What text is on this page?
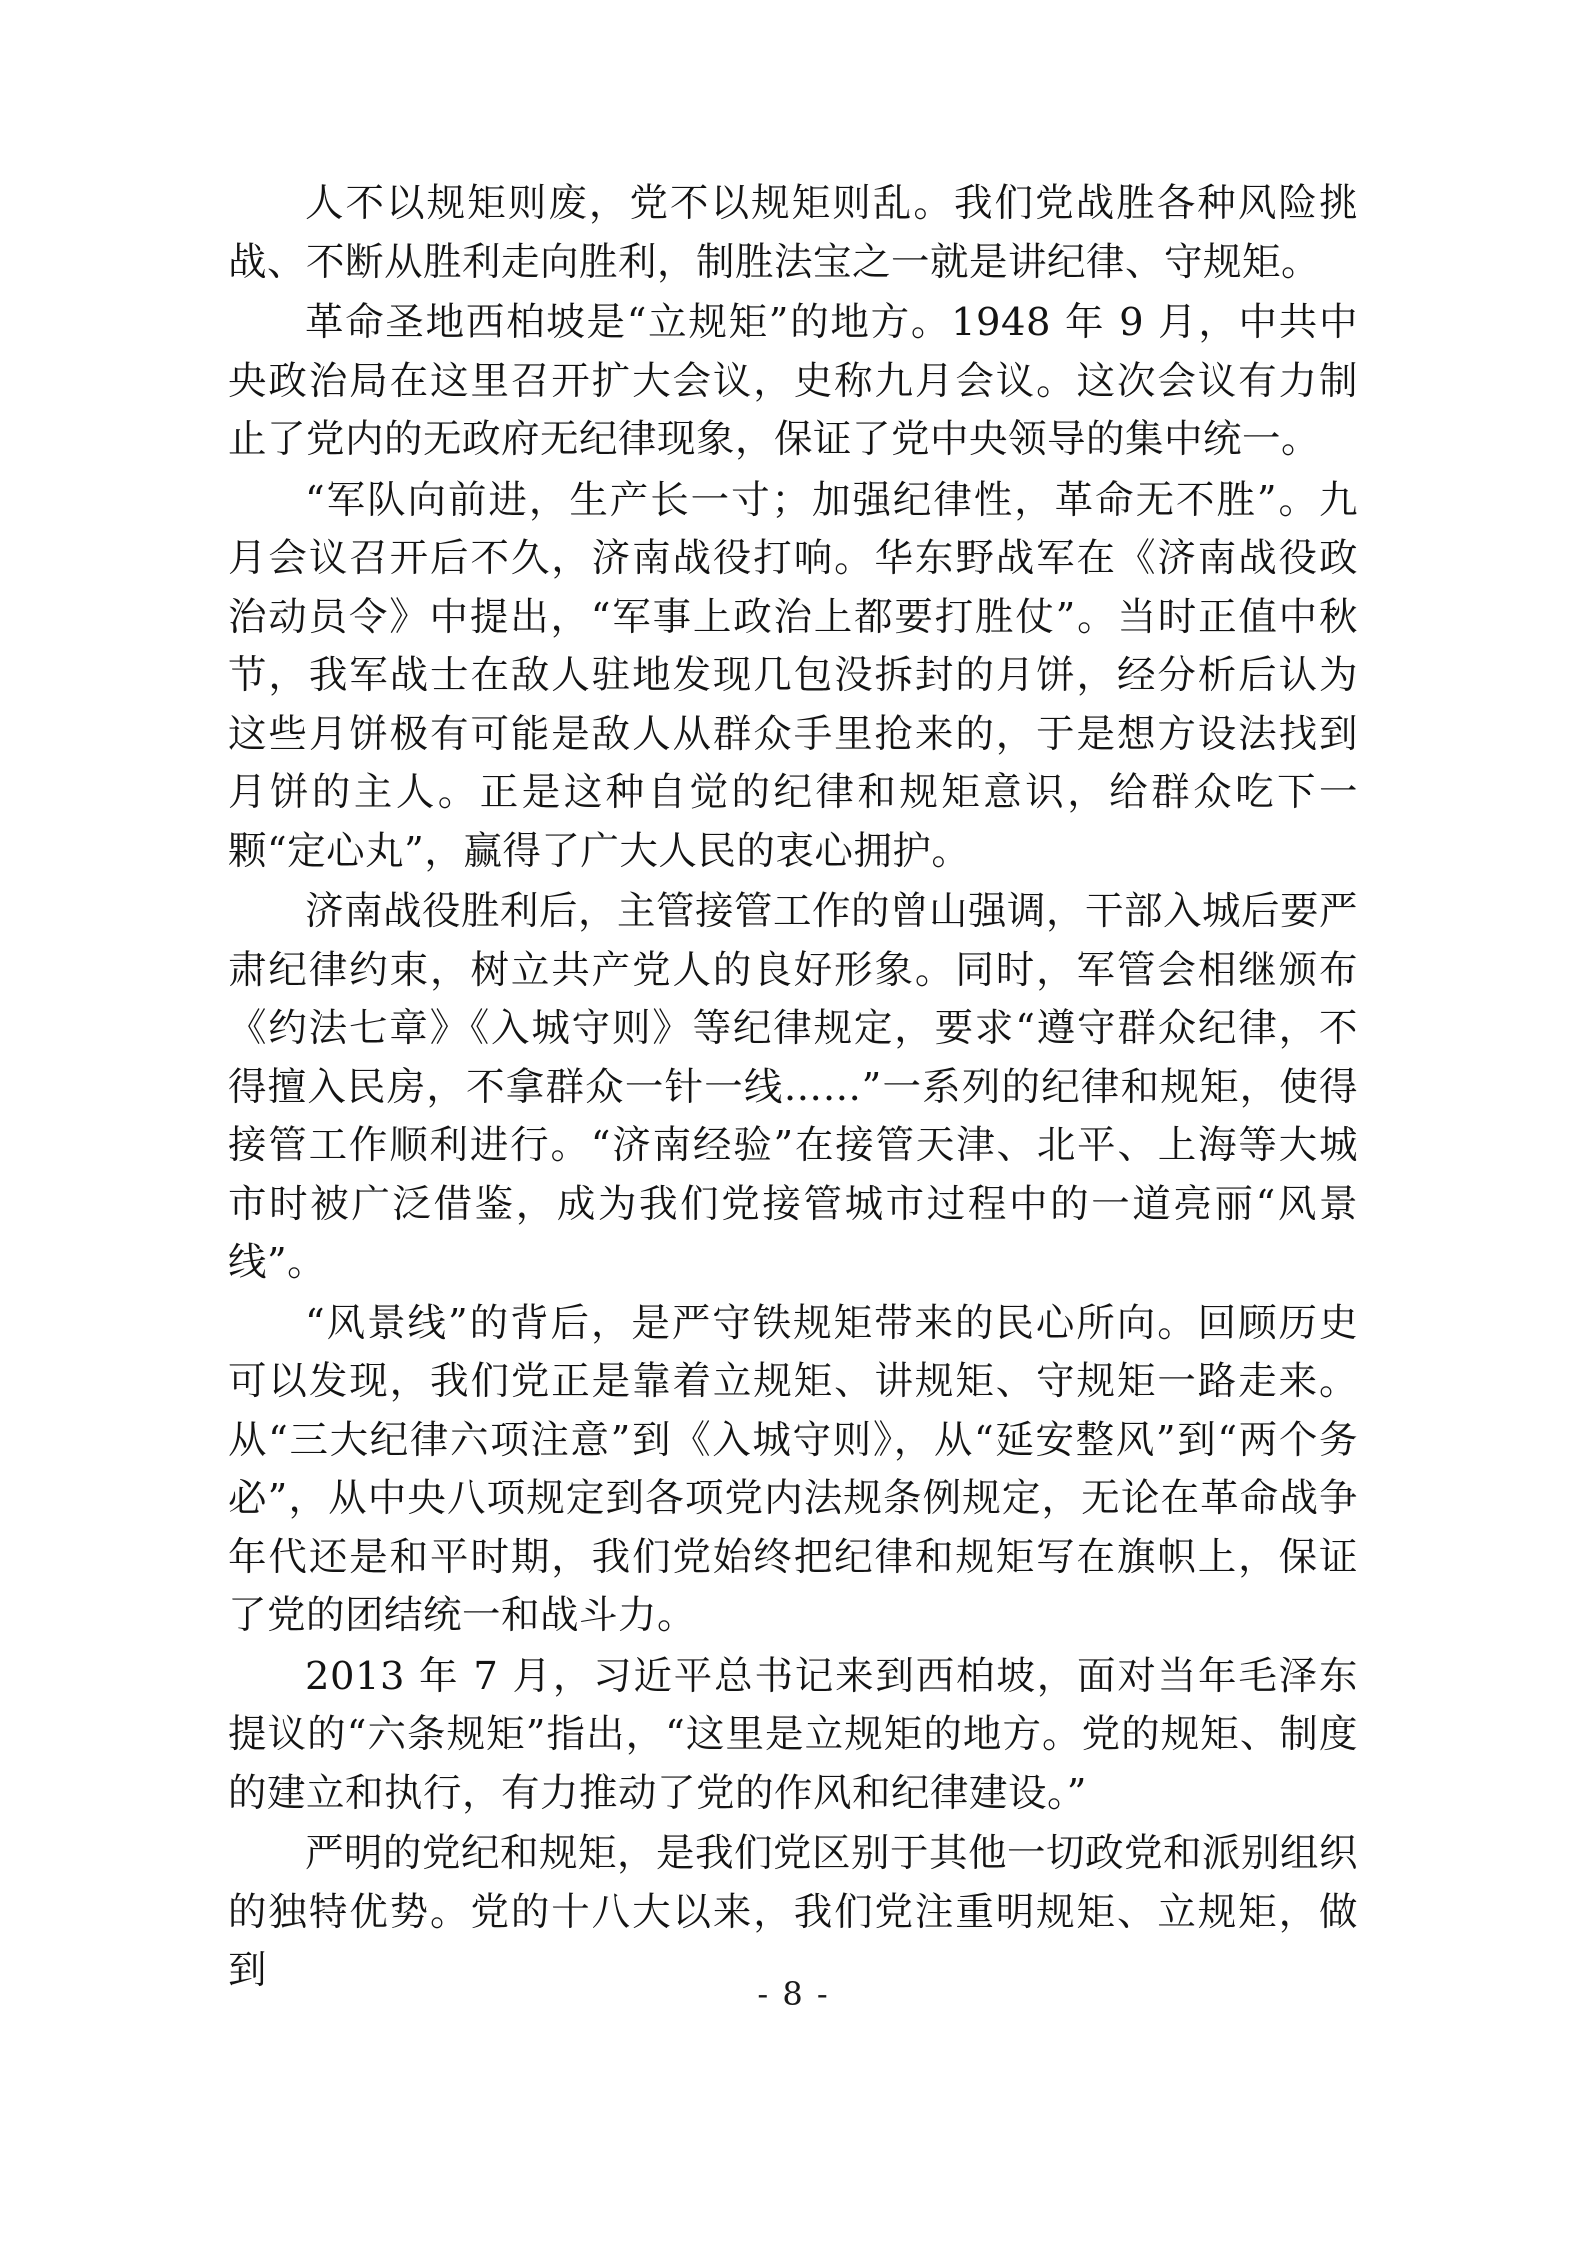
人不以规矩则废，党不以规矩则乱。我们党战胜各种风险挑战、不断从胜利走向胜利，制胜法宝之一就是讲纪律、守规矩。

革命圣地西柏坡是“立规矩”的地方。1948 年 9 月，中共中央政治局在这里召开扩大会议，史称九月会议。这次会议有力制止了党内的无政府无纪律现象，保证了党中央领导的集中统一。

“军队向前进，生产长一寸；加强纪律性，革命无不胜”。九月会议召开后不久，济南战役打响。华东野战军在《济南战役政治动员令》中提出，“军事上政治上都要打胜仗”。当时正值中秋节，我军战士在敌人驻地发现几包没拆封的月饼，经分析后认为这些月饼极有可能是敌人从群众手里抢来的，于是想方设法找到月饼的主人。正是这种自觉的纪律和规矩意识，给群众吃下一颗“定心丸”，赢得了广大人民的衷心拥护。

济南战役胜利后，主管接管工作的曾山强调，干部入城后要严肃纪律约束，树立共产党人的良好形象。同时，军管会相继颁布《约法七章》《入城守则》等纪律规定，要求“遵守群众纪律，不得擅入民房，不拿群众一针一线……”一系列的纪律和规矩，使得接管工作顺利进行。“济南经验”在接管天津、北平、上海等大城市时被广泛借鉴，成为我们党接管城市过程中的一道亮丽“风景线”。

“风景线”的背后，是严守铁规矩带来的民心所向。回顾历史可以发现，我们党正是靠着立规矩、讲规矩、守规矩一路走来。从“三大纪律六项注意”到《入城守则》，从“延安整风”到“两个务必”，从中央八项规定到各项党内法规条例规定，无论在革命战争年代还是和平时期，我们党始终把纪律和规矩写在旗帜上，保证了党的团结统一和战斗力。

2013 年 7 月，习近平总书记来到西柏坡，面对当年毛泽东提议的“六条规矩”指出，“这里是立规矩的地方。党的规矩、制度的建立和执行，有力推动了党的作风和纪律建设。”

严明的党纪和规矩，是我们党区别于其他一切政党和派别组织的独特优势。党的十八大以来，我们党注重明规矩、立规矩，做到

- 8 -
